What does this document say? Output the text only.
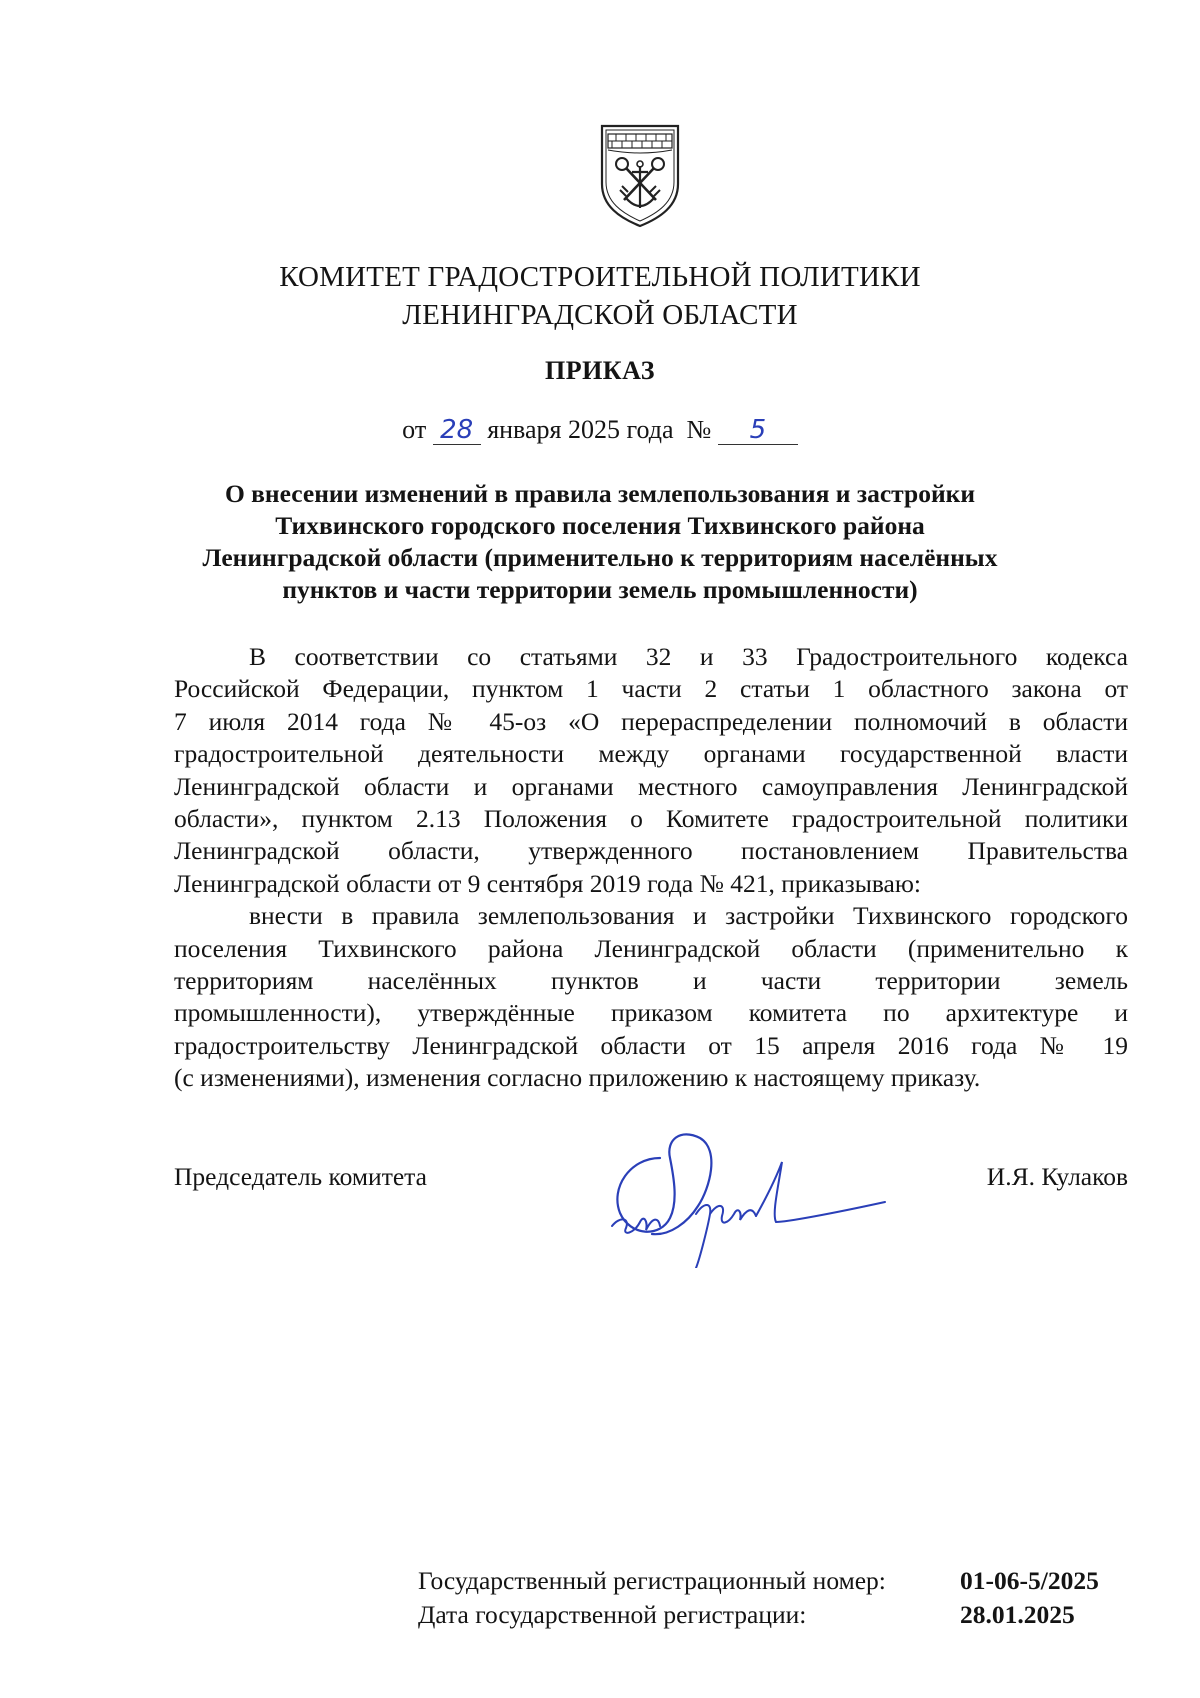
КОМИТЕТ ГРАДОСТРОИТЕЛЬНОЙ ПОЛИТИКИ
ЛЕНИНГРАДСКОЙ ОБЛАСТИ
ПРИКАЗ
от 28 января 2025 года № 5
О внесении изменений в правила землепользования и застройки
Тихвинского городского поселения Тихвинского района
Ленинградской области (применительно к территориям населённых
пунктов и части территории земель промышленности)

В соответствии со статьями 32 и 33 Градостроительного кодекса
Российской Федерации, пунктом 1 части 2 статьи 1 областного закона от
7 июля 2014 года № 45-оз «О перераспределении полномочий в области
градостроительной деятельности между органами государственной власти
Ленинградской области и органами местного самоуправления Ленинградской
области», пунктом 2.13 Положения о Комитете градостроительной политики
Ленинградской области, утвержденного постановлением Правительства
Ленинградской области от 9 сентября 2019 года № 421, приказываю:

внести в правила землепользования и застройки Тихвинского городского
поселения Тихвинского района Ленинградской области (применительно к
территориям населённых пунктов и части территории земель
промышленности), утверждённые приказом комитета по архитектуре и
градостроительству Ленинградской области от 15 апреля 2016 года № 19
(с изменениями), изменения согласно приложению к настоящему приказу.

Председатель комитета	И.Я. Кулаков
Государственный регистрационный номер:	01-06-5/2025
Дата государственной регистрации:	28.01.2025
